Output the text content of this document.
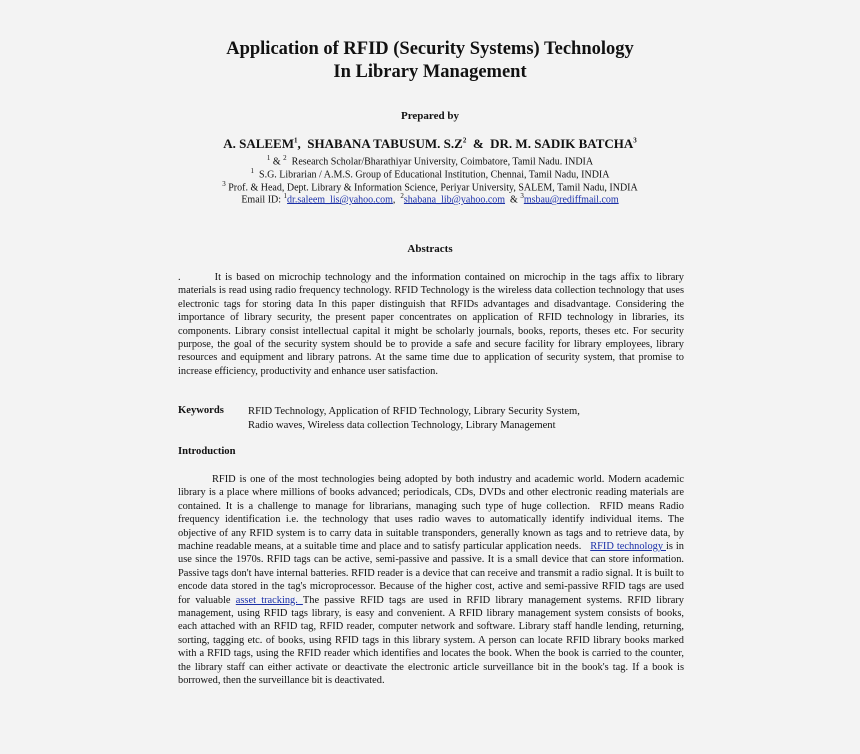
Application of RFID (Security Systems) Technology
In Library Management
Prepared by
A. SALEEM$^1$,  SHABANA TABUSUM. $S.Z^2$  &  DR. M. SADIK BATCHA$^3$
$^1$ & $^2$  Research Scholar/Bharathiyar University, Coimbatore, Tamil Nadu. INDIA
$^1$  S.G. Librarian / A.M.S. Group of Educational Institution, Chennai, Tamil Nadu, INDIA
$^3$ Prof. & Head, Dept. Library & Information Science, Periyar University, SALEM, Tamil Nadu, INDIA
Email ID: $^1$dr.saleem_lis@yahoo.com,  $^2$shabana_lib@yahoo.com  & $^3$msbau@rediffmail.com
Abstracts
.	It is based on microchip technology and the information contained on microchip in the tags affix to library materials is read using radio frequency technology. RFID Technology is the wireless data collection technology that uses electronic tags for storing data In this paper distinguish that RFIDs advantages and disadvantage. Considering the importance of library security, the present paper concentrates on application of RFID technology in libraries, its components. Library consist intellectual capital it might be scholarly journals, books, reports, theses etc. For security purpose, the goal of the security system should be to provide a safe and secure facility for library employees, library resources and equipment and library patrons. At the same time due to application of security system, that promise to increase efficiency, productivity and enhance user satisfaction.
Keywords RFID Technology, Application of RFID Technology, Library Security System,
Radio waves, Wireless data collection Technology, Library Management
Introduction
RFID is one of the most technologies being adopted by both industry and academic world. Modern academic library is a place where millions of books advanced; periodicals, CDs, DVDs and other electronic reading materials are contained. It is a challenge to manage for librarians, managing such type of huge collection.  RFID means Radio frequency identification i.e. the technology that uses radio waves to automatically identify individual items. The objective of any RFID system is to carry data in suitable transponders, generally known as tags and to retrieve data, by machine readable means, at a suitable time and place and to satisfy particular application needs.   RFID technology is in use since the 1970s. RFID tags can be active, semi-passive and passive. It is a small device that can store information. Passive tags don't have internal batteries. RFID reader is a device that can receive and transmit a radio signal. It is built to encode data stored in the tag's microprocessor. Because of the higher cost, active and semi-passive RFID tags are used for valuable asset tracking. The passive RFID tags are used in RFID library management systems. RFID library management, using RFID tags library, is easy and convenient. A RFID library management system consists of books, each attached with an RFID tag, RFID reader, computer network and software. Library staff handle lending, returning, sorting, tagging etc. of books, using RFID tags in this library system. A person can locate RFID library books marked with a RFID tags, using the RFID reader which identifies and locates the book. When the book is carried to the counter, the library staff can either activate or deactivate the electronic article surveillance bit in the book's tag. If a book is borrowed, then the surveillance bit is deactivated.
